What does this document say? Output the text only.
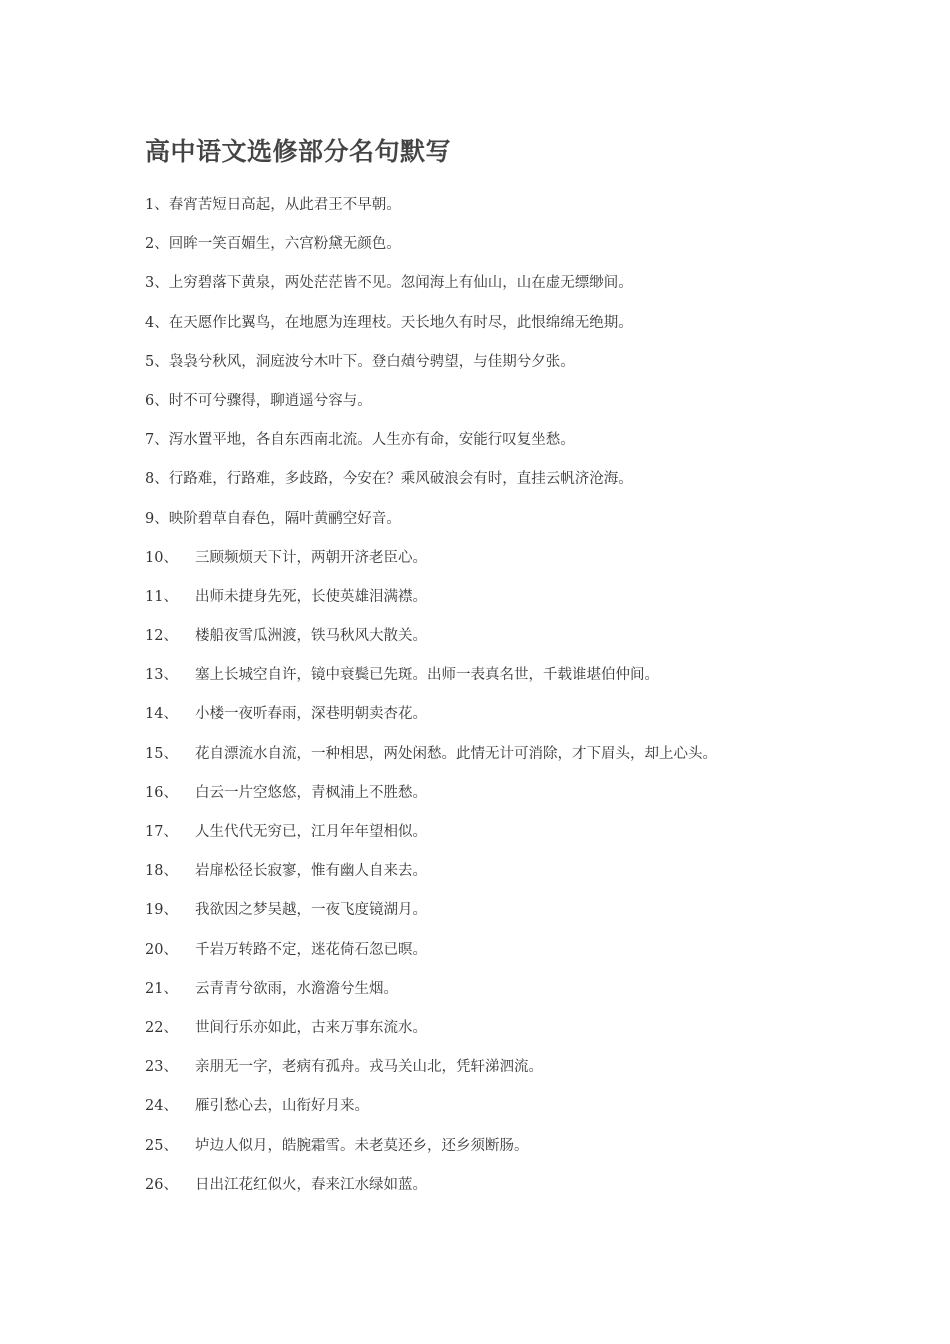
高中语文选修部分名句默写
1、春宵苦短日高起，从此君王不早朝。
2、回眸一笑百媚生，六宫粉黛无颜色。
3、上穷碧落下黄泉，两处茫茫皆不见。忽闻海上有仙山，山在虚无缥缈间。
4、在天愿作比翼鸟，在地愿为连理枝。天长地久有时尽，此恨绵绵无绝期。
5、袅袅兮秋风，洞庭波兮木叶下。登白薠兮骋望，与佳期兮夕张。
6、时不可兮骤得，聊逍遥兮容与。
7、泻水置平地，各自东西南北流。人生亦有命，安能行叹复坐愁。
8、行路难，行路难，多歧路，今安在？乘风破浪会有时，直挂云帆济沧海。
9、映阶碧草自春色，隔叶黄鹂空好音。
10、 三顾频烦天下计，两朝开济老臣心。
11、 出师未捷身先死，长使英雄泪满襟。
12、 楼船夜雪瓜洲渡，铁马秋风大散关。
13、 塞上长城空自许，镜中衰鬓已先斑。出师一表真名世，千载谁堪伯仲间。
14、 小楼一夜听春雨，深巷明朝卖杏花。
15、 花自漂流水自流，一种相思，两处闲愁。此情无计可消除，才下眉头，却上心头。
16、 白云一片空悠悠，青枫浦上不胜愁。
17、 人生代代无穷已，江月年年望相似。
18、 岩扉松径长寂寥，惟有幽人自来去。
19、 我欲因之梦吴越，一夜飞度镜湖月。
20、 千岩万转路不定，迷花倚石忽已暝。
21、 云青青兮欲雨，水澹澹兮生烟。
22、 世间行乐亦如此，古来万事东流水。
23、 亲朋无一字，老病有孤舟。戎马关山北，凭轩涕泗流。
24、 雁引愁心去，山衔好月来。
25、 垆边人似月，皓腕霜雪。未老莫还乡，还乡须断肠。
26、 日出江花红似火，春来江水绿如蓝。
